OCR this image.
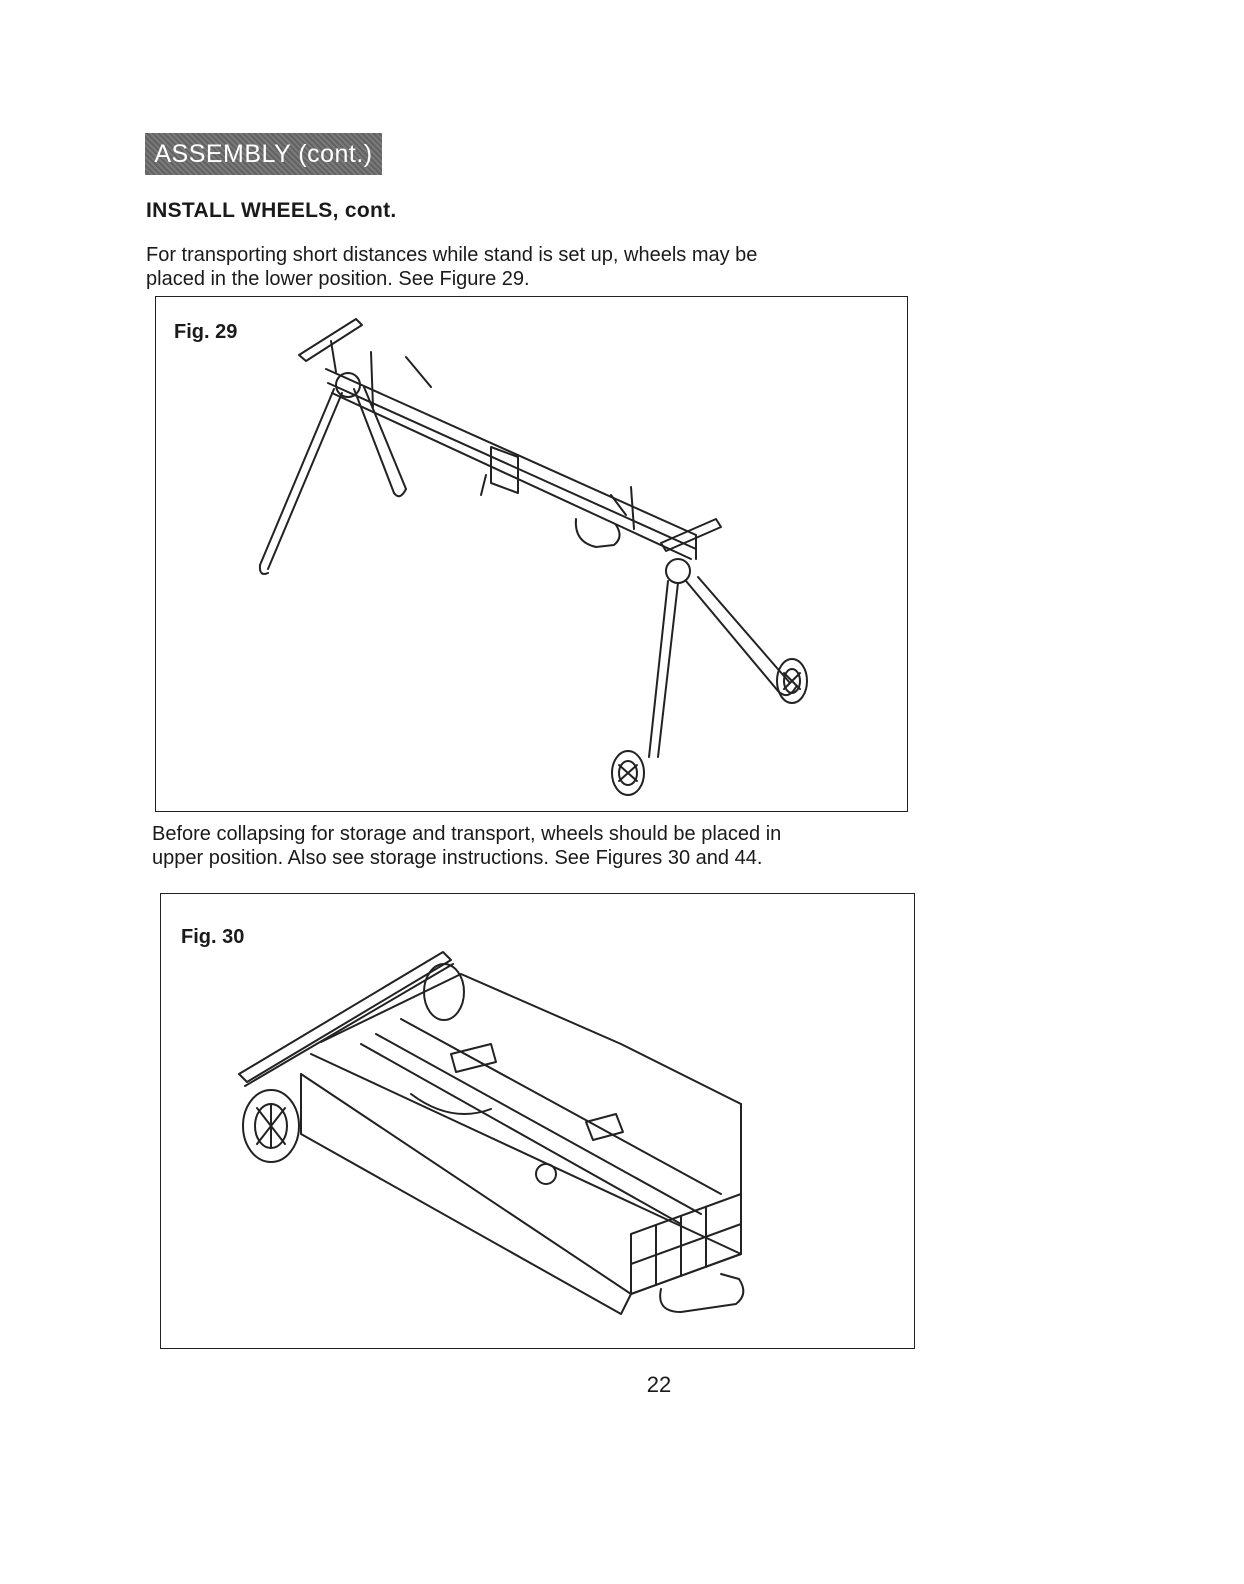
ASSEMBLY (cont.)
INSTALL WHEELS, cont.

For transporting short distances while stand is set up, wheels may be
placed in the lower position. See Figure 29.

Fig. 29

Before collapsing for storage and transport, wheels should be placed in
upper position. Also see storage instructions. See Figures 30 and 44.

Fig. 30
22
